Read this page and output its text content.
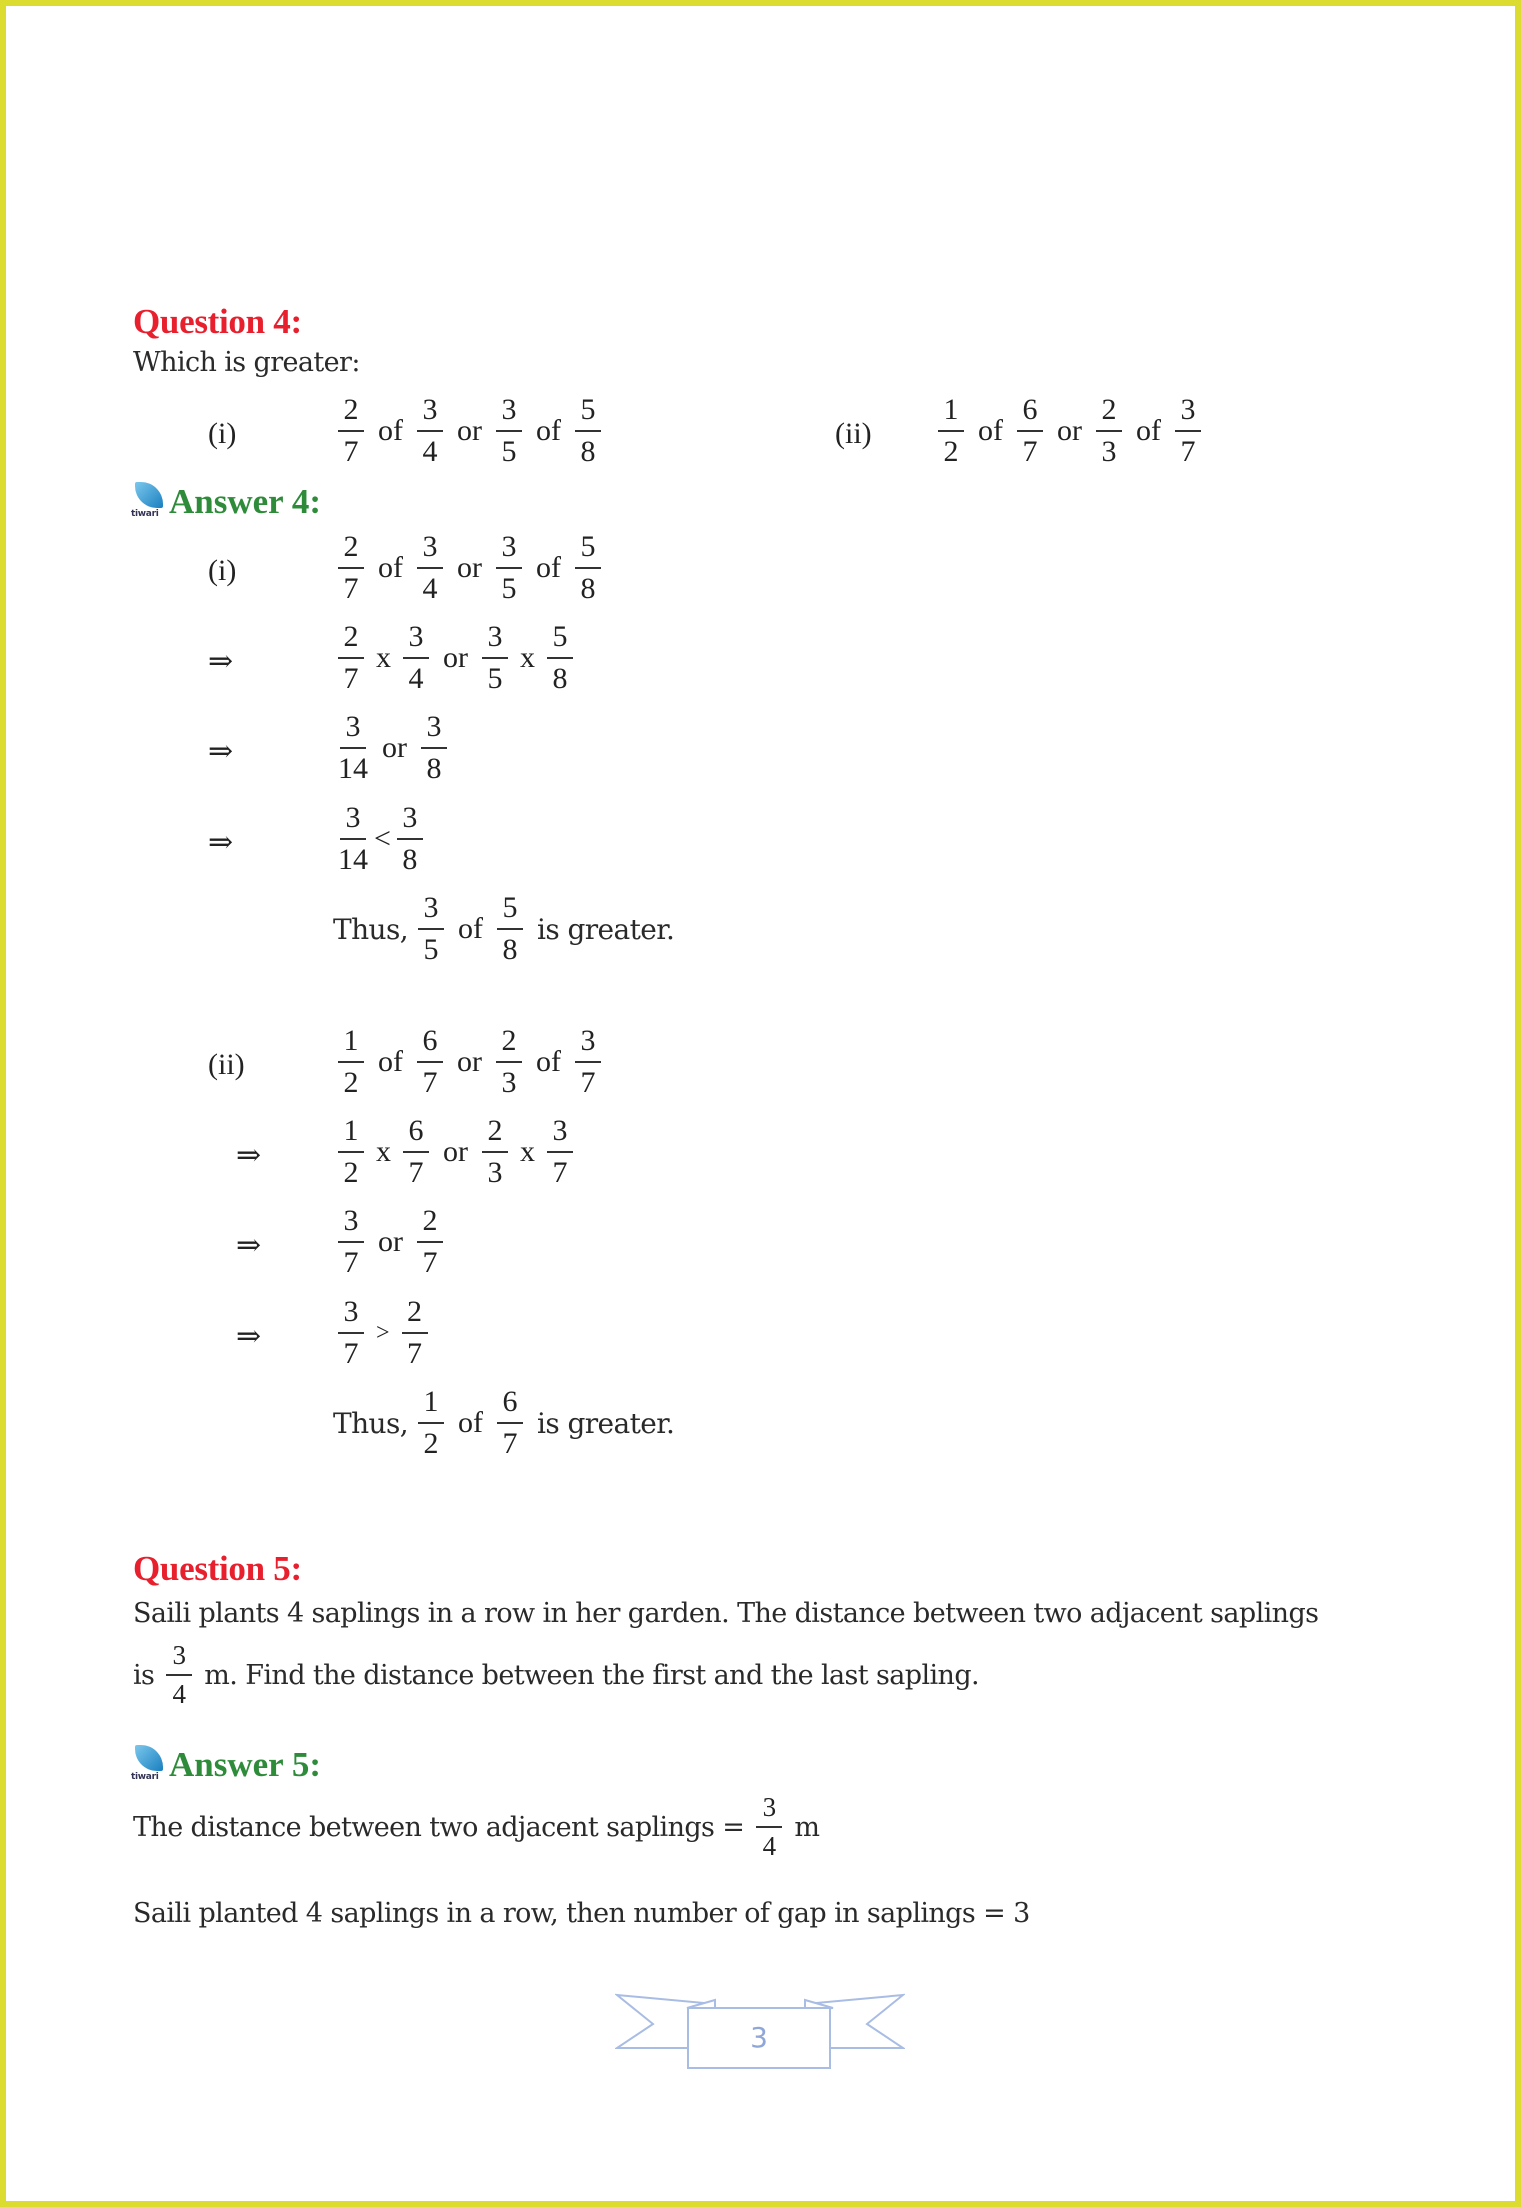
Question 4:
Which is greater:
(i)	$\frac{2}{7}$ of $\frac{3}{4}$ or $\frac{3}{5}$ of $\frac{5}{8}$	$(ii) \frac{1}{2}$ of $\frac{6}{7}$ or $\frac{2}{3}$ of $\frac{3}{7}$
tiwari Answer 4:
(i)	$\frac{2}{7}$ of $\frac{3}{4}$ or $\frac{3}{5}$ of $\frac{5}{8}$
⇒	$\frac{2}{7}$ x $\frac{3}{4}$ or $\frac{3}{5}$ x $\frac{5}{8}$
⇒	$\frac{3}{14}$ or $\frac{3}{8}$
⇒	$\frac{3}{14} < \frac{3}{8}$
Thus, $\frac{3}{5}$ of $\frac{5}{8}$ is greater.
(ii)	$\frac{1}{2}$ of $\frac{6}{7}$ or $\frac{2}{3}$ of $\frac{3}{7}$
⇒	$\frac{1}{2}$ x $\frac{6}{7}$ or $\frac{2}{3}$ x $\frac{3}{7}$
⇒	$\frac{3}{7}$ or $\frac{2}{7}$
⇒	$\frac{3}{7} > \frac{2}{7}$
Thus, $\frac{1}{2}$ of $\frac{6}{7}$ is greater.
Question 5:
Saili plants 4 saplings in a row in her garden. The distance between two adjacent saplings
is $\frac{3}{4} m$. Find the distance between the first and the last sapling.
tiwari Answer 5:
The distance between two adjacent saplings = $\frac{3}{4}$ m
Saili planted 4 saplings in a row, then number of gap in saplings = 3
3
